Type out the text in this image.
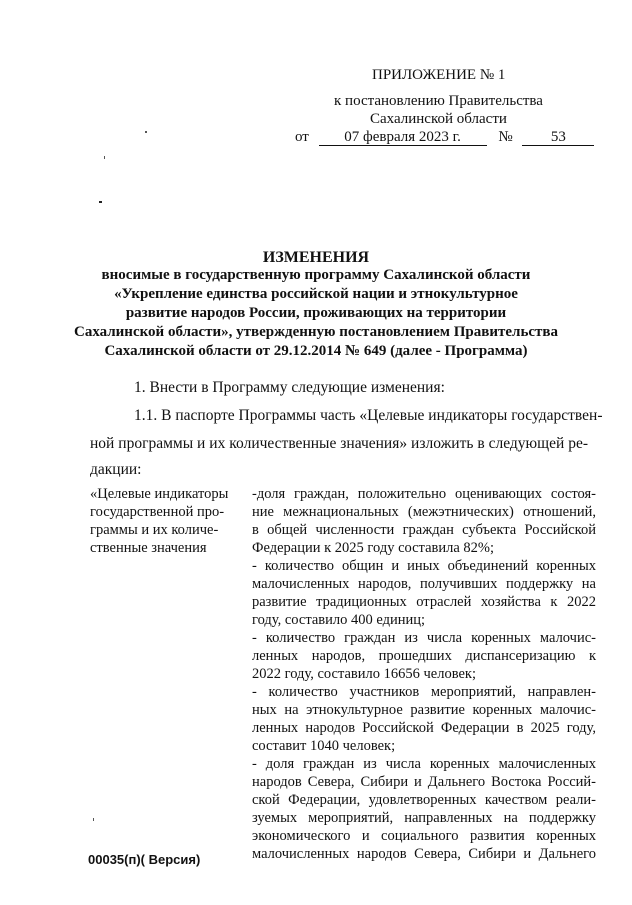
ПРИЛОЖЕНИЕ № 1
к постановлению Правительства
Сахалинской области
от 07 февраля 2023 г. №	53
ИЗМЕНЕНИЯ
вносимые в государственную программу Сахалинской области
«Укрепление единства российской нации и этнокультурное
развитие народов России, проживающих на территории
Сахалинской области», утвержденную постановлением Правительства
Сахалинской области от 29.12.2014 № 649 (далее - Программа)
1. Внести в Программу следующие изменения:
1.1. В паспорте Программы часть «Целевые индикаторы государствен-
ной программы и их количественные значения» изложить в следующей ре-
дакции:
«Целевые индикаторы
государственной про-
граммы и их количе-
ственные значения
-доля граждан, положительно оценивающих состоя-
ние межнациональных (межэтнических) отношений,
в общей численности граждан субъекта Российской
Федерации к 2025 году составила 82%;
- количество общин и иных объединений коренных
малочисленных народов, получивших поддержку на
развитие традиционных отраслей хозяйства к 2022
году, составило 400 единиц;
- количество граждан из числа коренных малочис-
ленных народов, прошедших диспансеризацию к
2022 году, составило 16656 человек;
- количество участников мероприятий, направлен-
ных на этнокультурное развитие коренных малочис-
ленных народов Российской Федерации в 2025 году,
составит 1040 человек;
- доля граждан из числа коренных малочисленных
народов Севера, Сибири и Дальнего Востока Россий-
ской Федерации, удовлетворенных качеством реали-
зуемых мероприятий, направленных на поддержку
экономического и социального развития коренных
малочисленных народов Севера, Сибири и Дальнего
00035(п)( Версия)
